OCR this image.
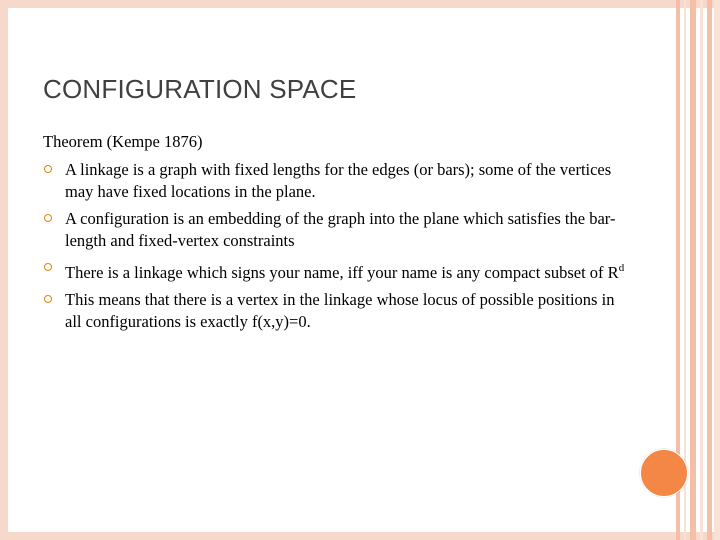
CONFIGURATION SPACE
Theorem (Kempe 1876)
A linkage is a graph with fixed lengths for the edges (or bars); some of the vertices may have fixed locations in the plane.
A configuration is an embedding of the graph into the plane which satisfies the bar-length and fixed-vertex constraints
There is a linkage which signs your name, iff your name is any compact subset of $R^d$
This means that there is a vertex in the linkage whose locus of possible positions in all configurations is exactly f(x,y)=0.
